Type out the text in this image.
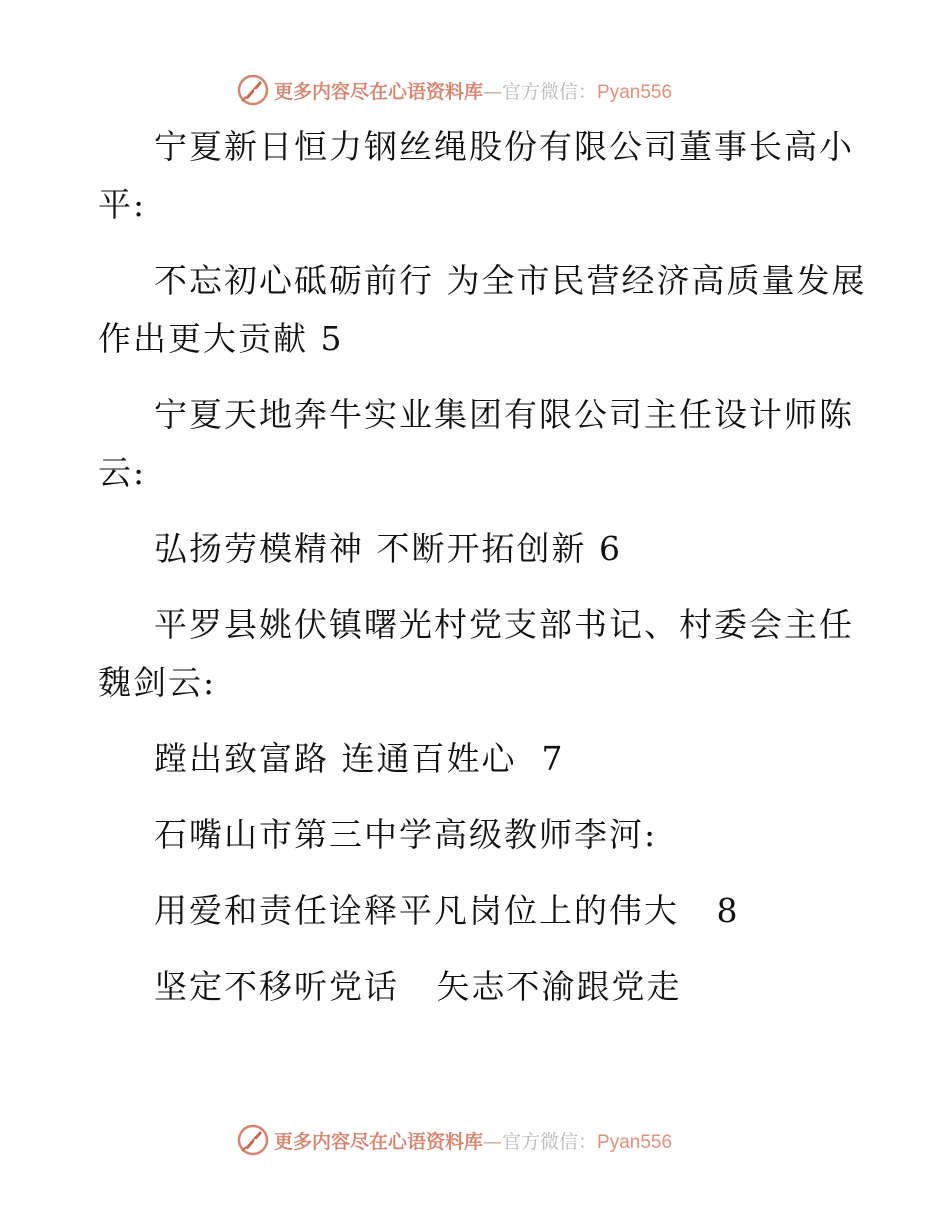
更多内容尽在心语资料库—官方微信：Pyan556
宁夏新日恒力钢丝绳股份有限公司董事长高小
平:
不忘初心砥砺前行 为全市民营经济高质量发展
作出更大贡献 5
宁夏天地奔牛实业集团有限公司主任设计师陈
云:
弘扬劳模精神 不断开拓创新 6
平罗县姚伏镇曙光村党支部书记、村委会主任
魏剑云:
蹚出致富路 连通百姓心  7
石嘴山市第三中学高级教师李河:
用爱和责任诠释平凡岗位上的伟大   8
坚定不移听党话   矢志不渝跟党走
更多内容尽在心语资料库—官方微信：Pyan556
